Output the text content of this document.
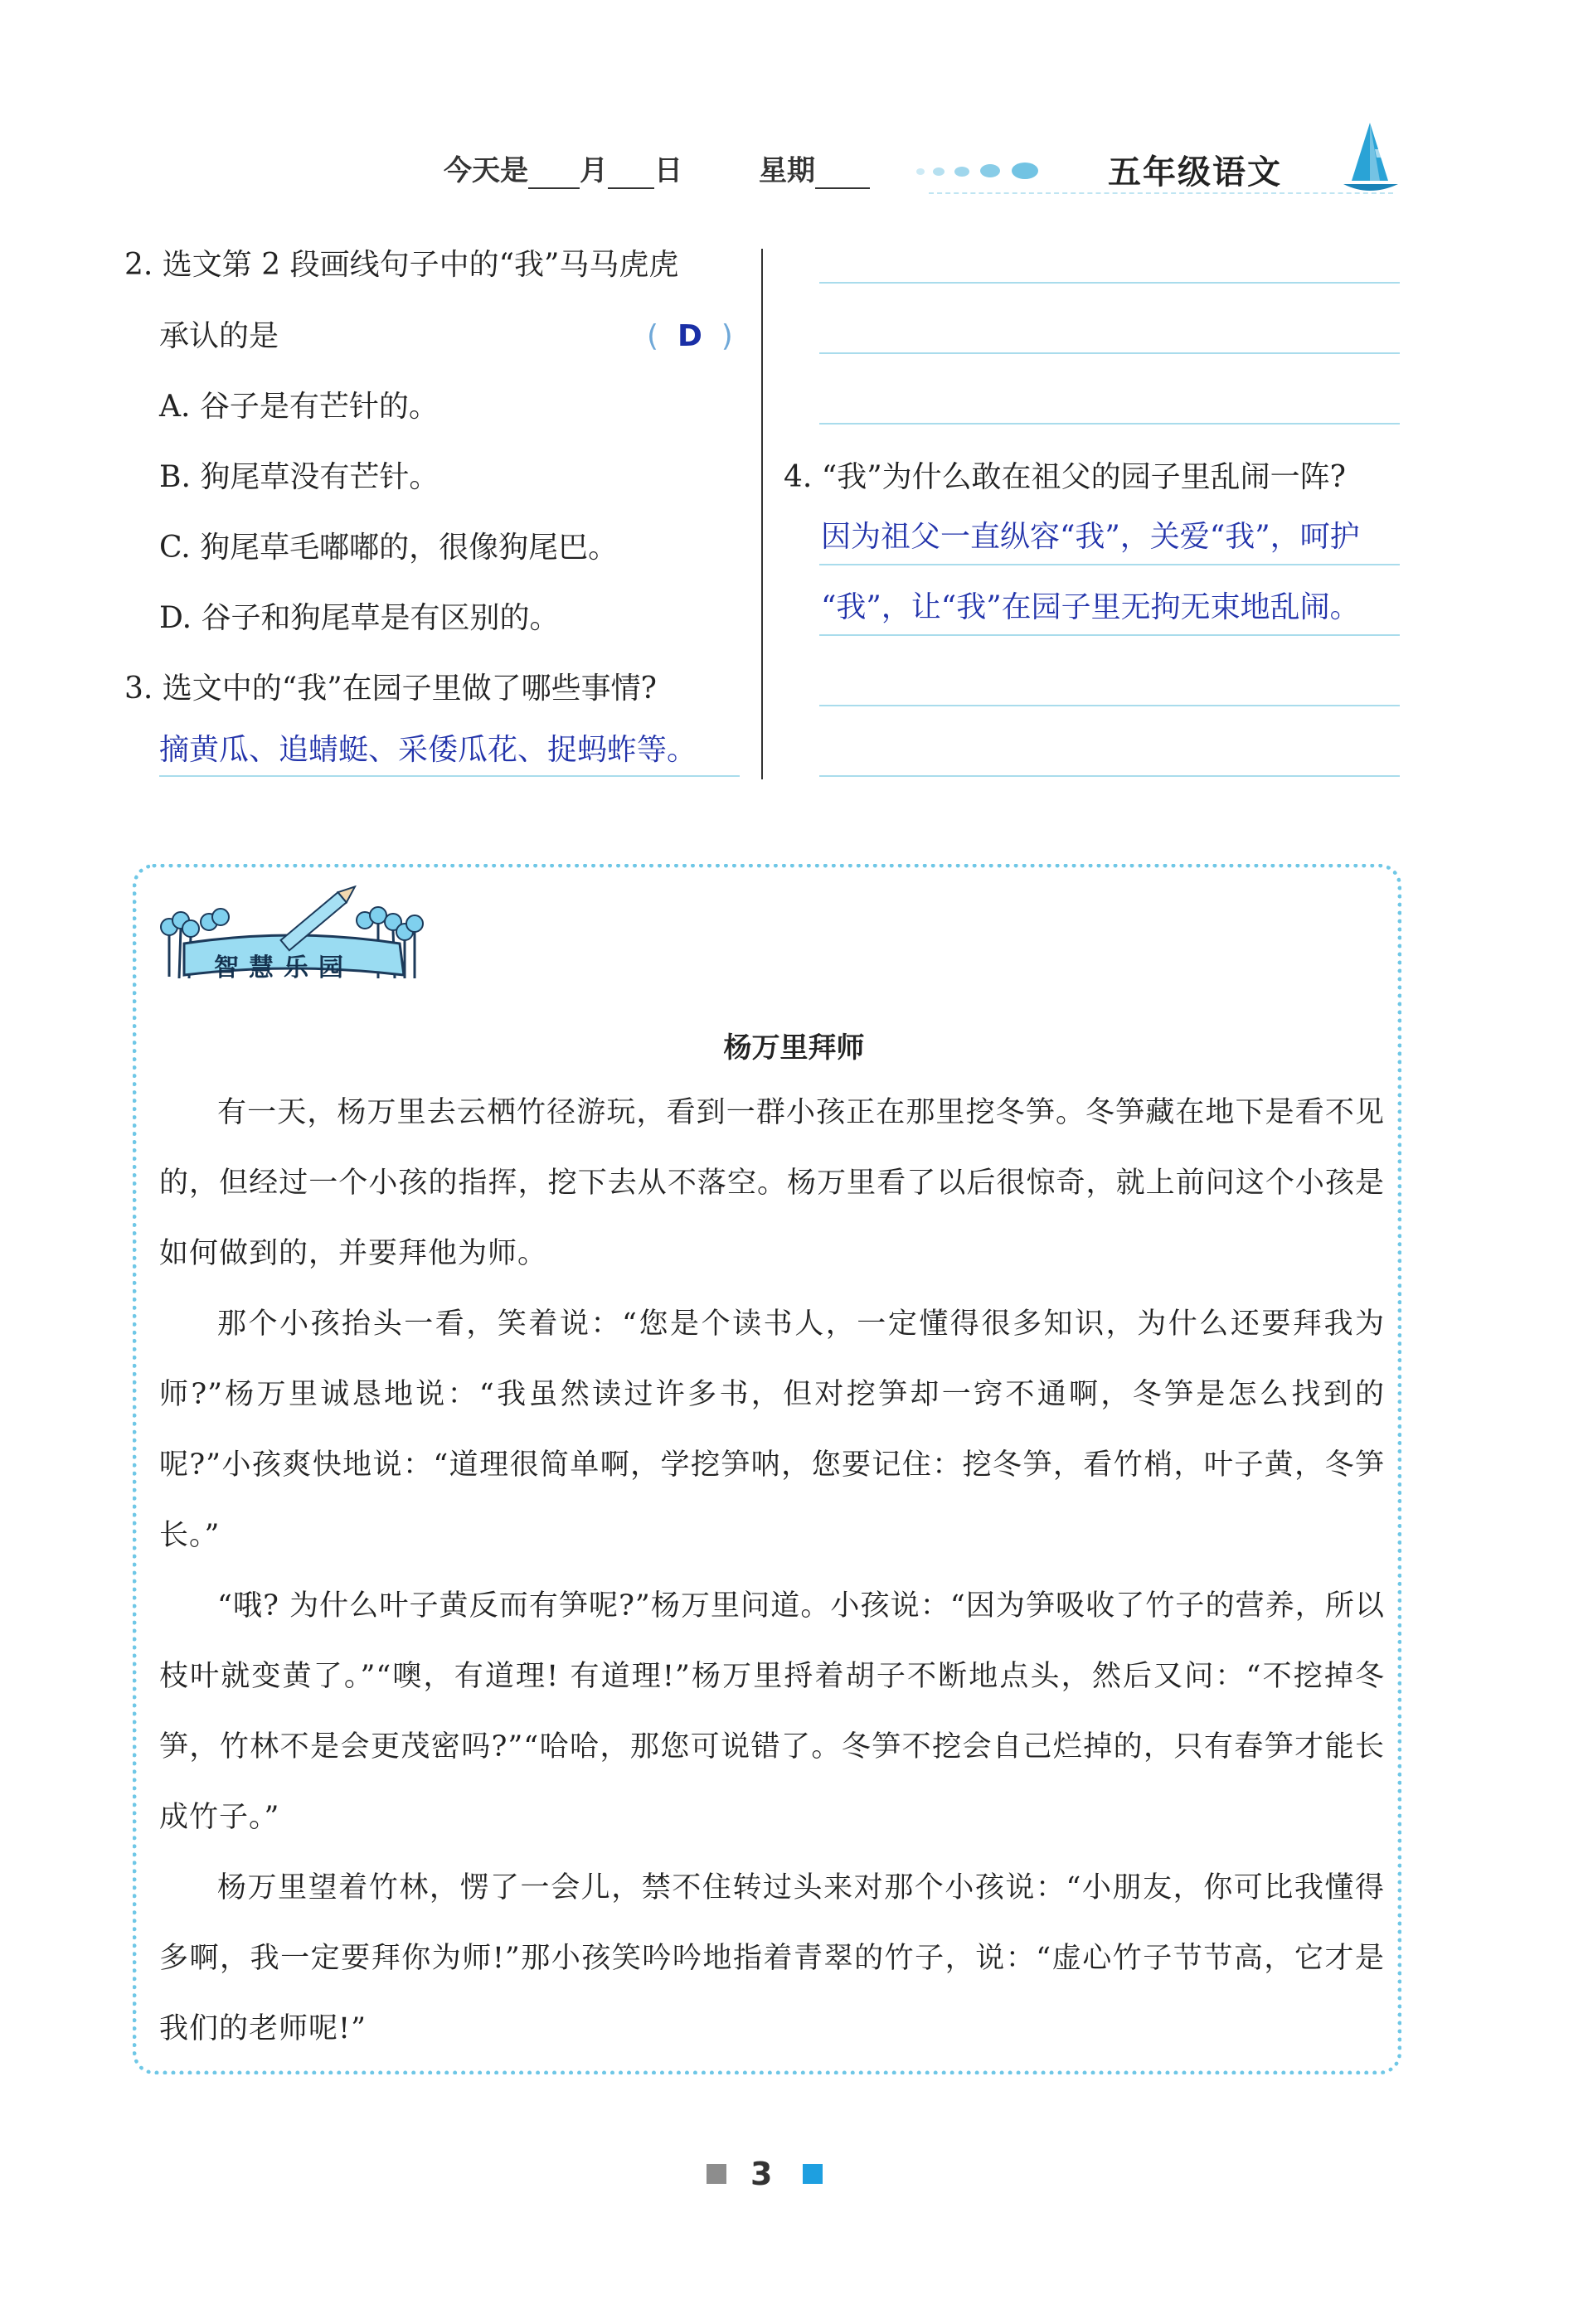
今天是 月 日	星期	五年级语文
2. 选文第 2 段画线句子中的“我”马马虎虎
承认的是	( D )
A. 谷子是有芒针的。
B. 狗尾草没有芒针。
C. 狗尾草毛嘟嘟的，很像狗尾巴。
D. 谷子和狗尾草是有区别的。
3. 选文中的“我”在园子里做了哪些事情?
摘黄瓜、追蜻蜓、采倭瓜花、捉蚂蚱等。
4. “我”为什么敢在祖父的园子里乱闹一阵?
因为祖父一直纵容“我”，关爱“我”，呵护
“我”，让“我”在园子里无拘无束地乱闹。
智慧乐园
杨万里拜师
有一天，杨万里去云栖竹径游玩，看到一群小孩正在那里挖冬笋。冬笋藏在地下是看不见的，但经过一个小孩的指挥，挖下去从不落空。杨万里看了以后很惊奇，就上前问这个小孩是如何做到的，并要拜他为师。
那个小孩抬头一看，笑着说：“您是个读书人，一定懂得很多知识，为什么还要拜我为师?”杨万里诚恳地说：“我虽然读过许多书，但对挖笋却一窍不通啊，冬笋是怎么找到的呢?”小孩爽快地说：“道理很简单啊，学挖笋呐，您要记住：挖冬笋，看竹梢，叶子黄，冬笋长。”
“哦? 为什么叶子黄反而有笋呢?”杨万里问道。小孩说：“因为笋吸收了竹子的营养，所以枝叶就变黄了。”“噢，有道理! 有道理!”杨万里捋着胡子不断地点头，然后又问：“不挖掉冬笋，竹林不是会更茂密吗?”“哈哈，那您可说错了。冬笋不挖会自己烂掉的，只有春笋才能长成竹子。”
杨万里望着竹林，愣了一会儿，禁不住转过头来对那个小孩说：“小朋友，你可比我懂得多啊，我一定要拜你为师!”那小孩笑吟吟地指着青翠的竹子，说：“虚心竹子节节高，它才是我们的老师呢!”
3
